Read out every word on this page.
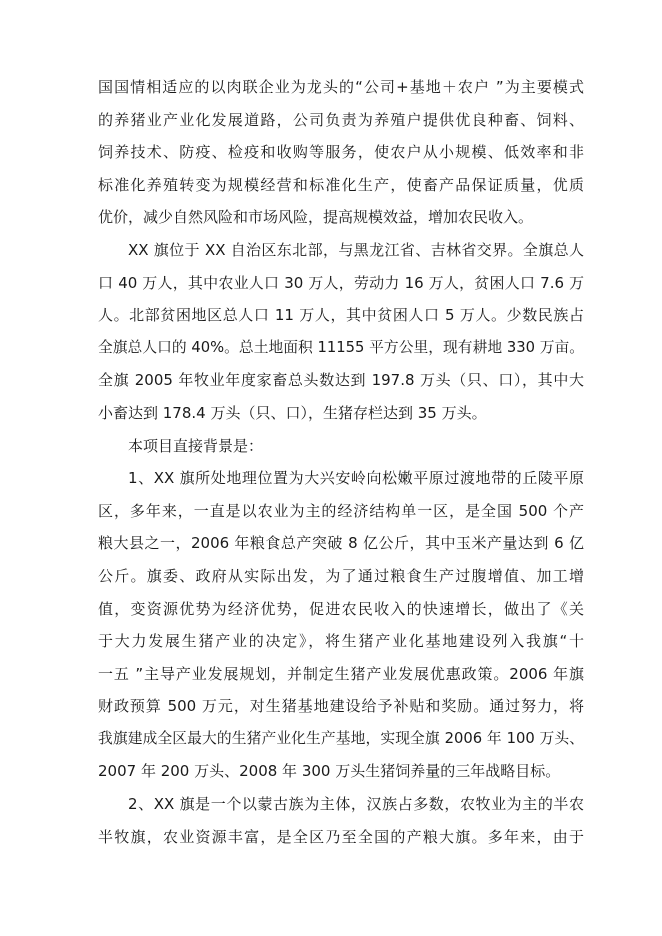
国国情相适应的以肉联企业为龙头的“公司+基地＋农户 ”为主要模式
的养猪业产业化发展道路，公司负责为养殖户提供优良种畜、饲料、
饲养技术、防疫、检疫和收购等服务，使农户从小规模、低效率和非
标准化养殖转变为规模经营和标准化生产，使畜产品保证质量，优质
优价，减少自然风险和市场风险，提高规模效益，增加农民收入。
XX 旗位于 XX 自治区东北部，与黑龙江省、吉林省交界。全旗总人
口 40 万人，其中农业人口 30 万人，劳动力 16 万人，贫困人口 7.6 万
人。北部贫困地区总人口 11 万人，其中贫困人口 5 万人。少数民族占
全旗总人口的 40%。总土地面积 11155 平方公里，现有耕地 330 万亩。
全旗 2005 年牧业年度家畜总头数达到 197.8 万头（只、口），其中大
小畜达到 178.4 万头（只、口），生猪存栏达到 35 万头。
本项目直接背景是：
1、XX 旗所处地理位置为大兴安岭向松嫩平原过渡地带的丘陵平原
区，多年来，一直是以农业为主的经济结构单一区，是全国 500 个产
粮大县之一，2006 年粮食总产突破 8 亿公斤，其中玉米产量达到 6 亿
公斤。旗委、政府从实际出发，为了通过粮食生产过腹增值、加工增
值，变资源优势为经济优势，促进农民收入的快速增长，做出了《关
于大力发展生猪产业的决定》，将生猪产业化基地建设列入我旗“十
一五 ”主导产业发展规划，并制定生猪产业发展优惠政策。2006 年旗
财政预算 500 万元，对生猪基地建设给予补贴和奖励。通过努力，将
我旗建成全区最大的生猪产业化生产基地，实现全旗 2006 年 100 万头、
2007 年 200 万头、2008 年 300 万头生猪饲养量的三年战略目标。
2、XX 旗是一个以蒙古族为主体，汉族占多数，农牧业为主的半农
半牧旗，农业资源丰富，是全区乃至全国的产粮大旗。多年来，由于
